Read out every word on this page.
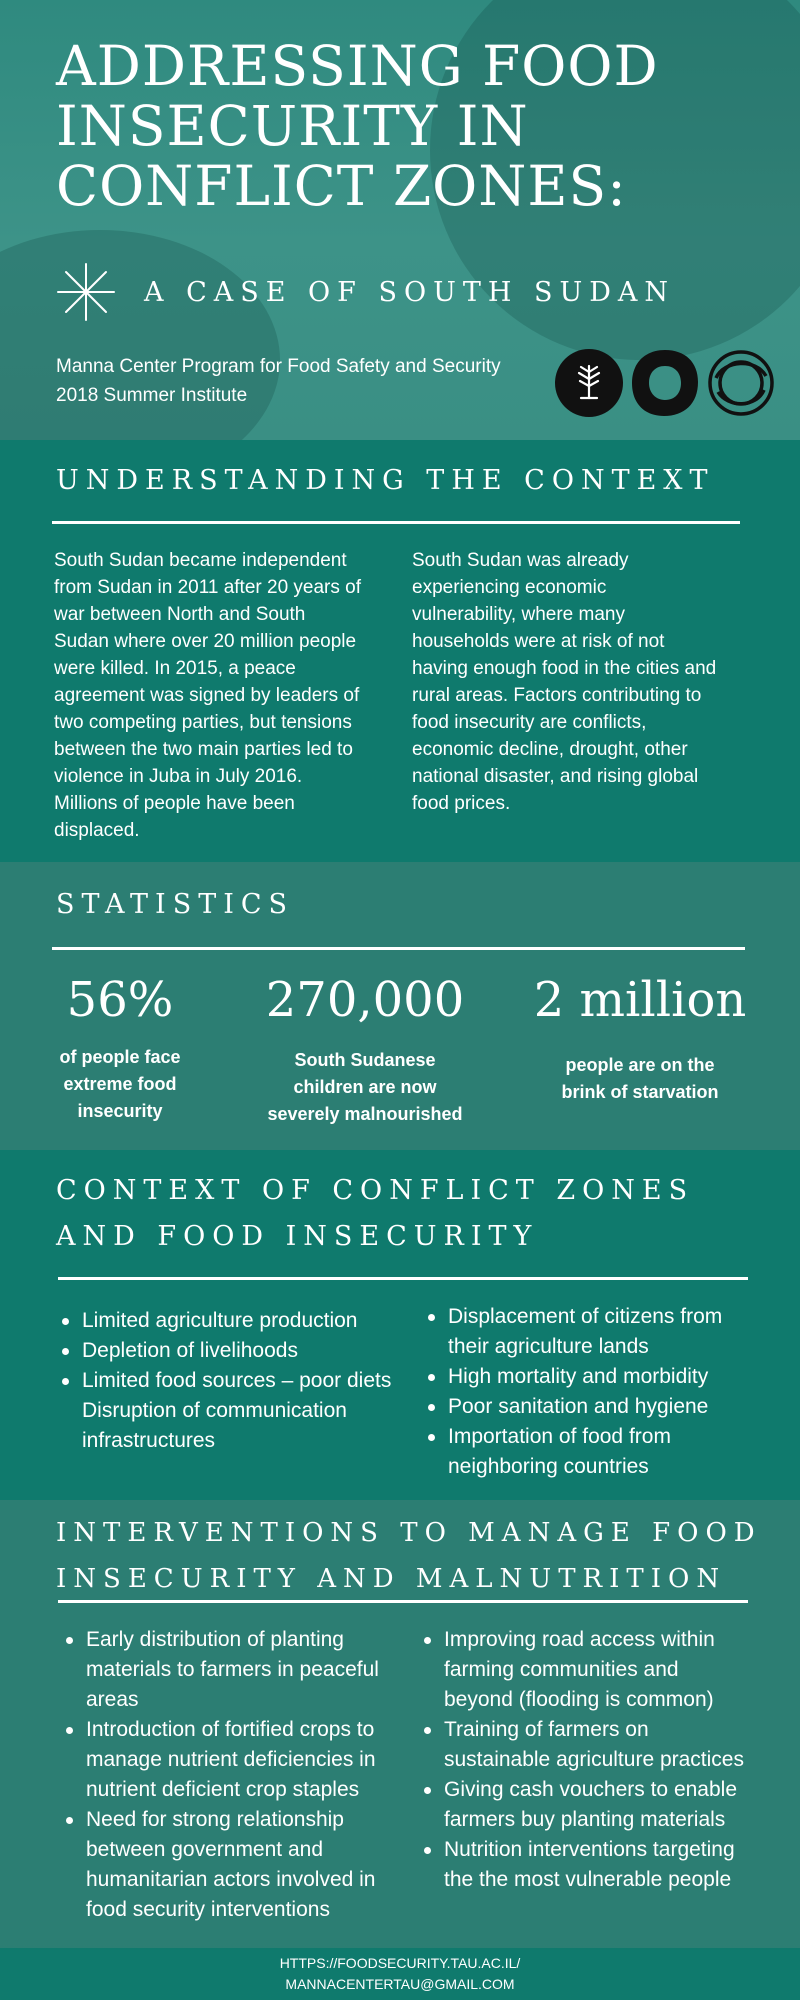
ADDRESSING FOOD
INSECURITY IN
CONFLICT ZONES:
A CASE OF SOUTH SUDAN
Manna Center Program for Food Safety and Security
2018 Summer Institute
UNDERSTANDING THE CONTEXT

South Sudan became independent
from Sudan in 2011 after 20 years of
war between North and South
Sudan where over 20 million people
were killed. In 2015, a peace
agreement was signed by leaders of
two competing parties, but tensions
between the two main parties led to
violence in Juba in July 2016.
Millions of people have been
displaced.

South Sudan was already
experiencing economic
vulnerability, where many
households were at risk of not
having enough food in the cities and
rural areas. Factors contributing to
food insecurity are conflicts,
economic decline, drought, other
national disaster, and rising global
food prices.

STATISTICS
56%
of people face
extreme food
insecurity
270,000
South Sudanese
children are now
severely malnourished
2 million
people are on the
brink of starvation
CONTEXT OF CONFLICT ZONES
AND FOOD INSECURITY
Limited agriculture production
Depletion of livelihoods
Limited food sources – poor diets
Disruption of communication
infrastructures
Displacement of citizens from
their agriculture lands
High mortality and morbidity
Poor sanitation and hygiene
Importation of food from
neighboring countries
INTERVENTIONS TO MANAGE FOOD
INSECURITY AND MALNUTRITION
Early distribution of planting
materials to farmers in peaceful
areas
Introduction of fortified crops to
manage nutrient deficiencies in
nutrient deficient crop staples
Need for strong relationship
between government and
humanitarian actors involved in
food security interventions
Improving road access within
farming communities and
beyond (flooding is common)
Training of farmers on
sustainable agriculture practices
Giving cash vouchers to enable
farmers buy planting materials
Nutrition interventions targeting
the the most vulnerable people
HTTPS://FOODSECURITY.TAU.AC.IL/
MANNACENTERTAU@GMAIL.COM
